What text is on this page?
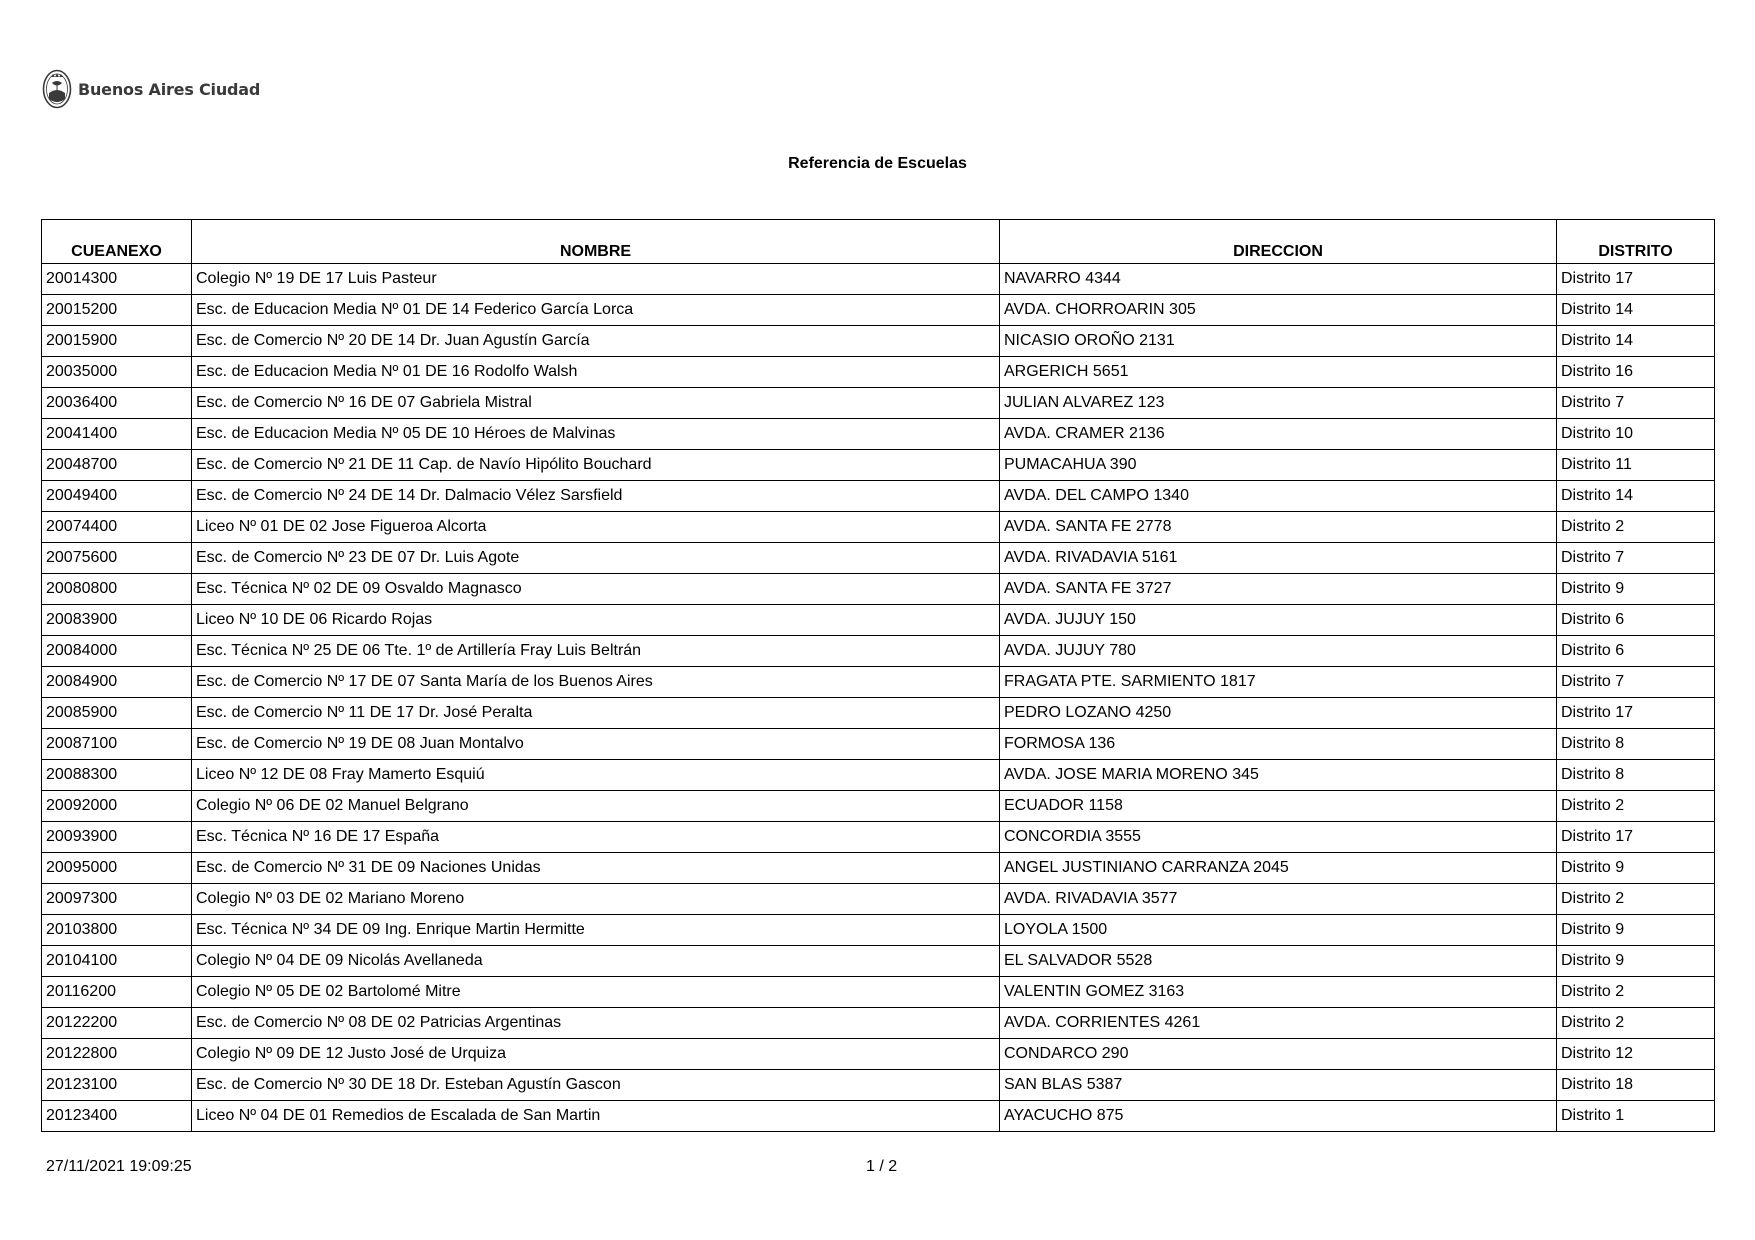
Buenos Aires Ciudad
Referencia de Escuelas
CUEANEXO	NOMBRE	DIRECCION	DISTRITO
20014300	Colegio Nº 19 DE 17 Luis Pasteur	NAVARRO 4344	Distrito 17
20015200	Esc. de Educacion Media Nº 01 DE 14 Federico García Lorca	AVDA. CHORROARIN 305	Distrito 14
20015900	Esc. de Comercio Nº 20 DE 14 Dr. Juan Agustín García	NICASIO OROÑO 2131	Distrito 14
20035000	Esc. de Educacion Media Nº 01 DE 16 Rodolfo Walsh	ARGERICH 5651	Distrito 16
20036400	Esc. de Comercio Nº 16 DE 07 Gabriela Mistral	JULIAN ALVAREZ 123	Distrito 7
20041400	Esc. de Educacion Media Nº 05 DE 10 Héroes de Malvinas	AVDA. CRAMER 2136	Distrito 10
20048700	Esc. de Comercio Nº 21 DE 11 Cap. de Navío Hipólito Bouchard	PUMACAHUA 390	Distrito 11
20049400	Esc. de Comercio Nº 24 DE 14 Dr. Dalmacio Vélez Sarsfield	AVDA. DEL CAMPO 1340	Distrito 14
20074400	Liceo Nº 01 DE 02 Jose Figueroa Alcorta	AVDA. SANTA FE 2778	Distrito 2
20075600	Esc. de Comercio Nº 23 DE 07 Dr. Luis Agote	AVDA. RIVADAVIA 5161	Distrito 7
20080800	Esc. Técnica Nº 02 DE 09 Osvaldo Magnasco	AVDA. SANTA FE 3727	Distrito 9
20083900	Liceo Nº 10 DE 06 Ricardo Rojas	AVDA. JUJUY 150	Distrito 6
20084000	Esc. Técnica Nº 25 DE 06 Tte. 1º de Artillería Fray Luis Beltrán	AVDA. JUJUY 780	Distrito 6
20084900	Esc. de Comercio Nº 17 DE 07 Santa María de los Buenos Aires	FRAGATA PTE. SARMIENTO 1817	Distrito 7
20085900	Esc. de Comercio Nº 11 DE 17 Dr. José Peralta	PEDRO LOZANO 4250	Distrito 17
20087100	Esc. de Comercio Nº 19 DE 08 Juan Montalvo	FORMOSA 136	Distrito 8
20088300	Liceo Nº 12 DE 08 Fray Mamerto Esquiú	AVDA. JOSE MARIA MORENO 345	Distrito 8
20092000	Colegio Nº 06 DE 02 Manuel Belgrano	ECUADOR 1158	Distrito 2
20093900	Esc. Técnica Nº 16 DE 17 España	CONCORDIA 3555	Distrito 17
20095000	Esc. de Comercio Nº 31 DE 09 Naciones Unidas	ANGEL JUSTINIANO CARRANZA 2045	Distrito 9
20097300	Colegio Nº 03 DE 02 Mariano Moreno	AVDA. RIVADAVIA 3577	Distrito 2
20103800	Esc. Técnica Nº 34 DE 09 Ing. Enrique Martin Hermitte	LOYOLA 1500	Distrito 9
20104100	Colegio Nº 04 DE 09 Nicolás Avellaneda	EL SALVADOR 5528	Distrito 9
20116200	Colegio Nº 05 DE 02 Bartolomé Mitre	VALENTIN GOMEZ 3163	Distrito 2
20122200	Esc. de Comercio Nº 08 DE 02 Patricias Argentinas	AVDA. CORRIENTES 4261	Distrito 2
20122800	Colegio Nº 09 DE 12 Justo José de Urquiza	CONDARCO 290	Distrito 12
20123100	Esc. de Comercio Nº 30 DE 18 Dr. Esteban Agustín Gascon	SAN BLAS 5387	Distrito 18
20123400	Liceo Nº 04 DE 01 Remedios de Escalada de San Martin	AYACUCHO 875	Distrito 1
27/11/2021 19:09:25	1 / 2
